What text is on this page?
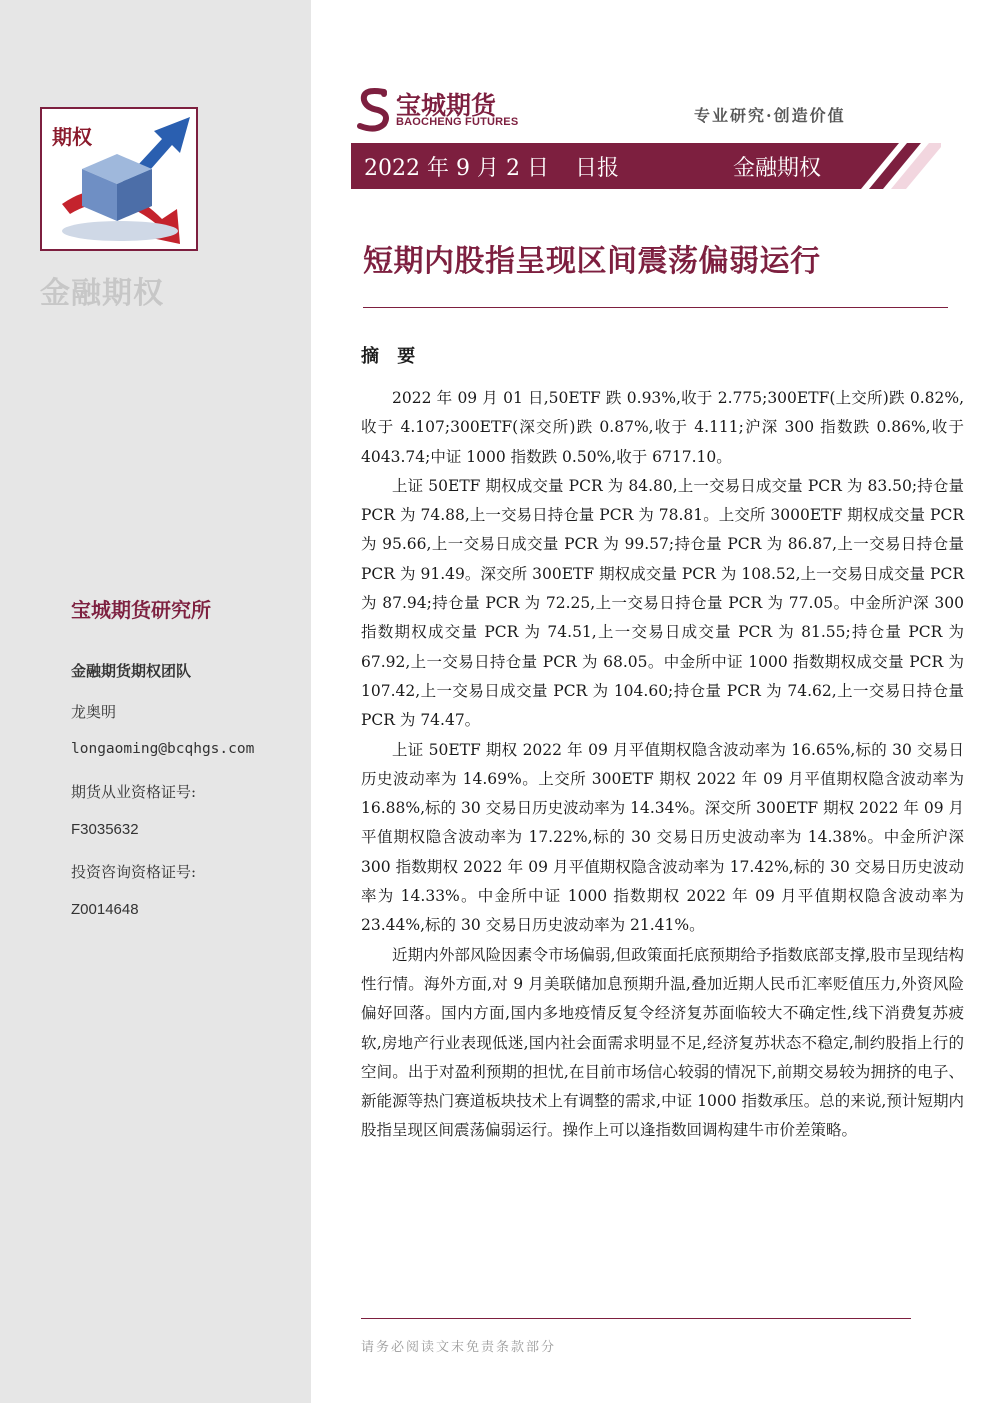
期权
金融期权
宝城期货研究所
金融期货期权团队
龙奥明
longaoming@bcqhgs.com
期货从业资格证号:
F3035632
投资咨询资格证号:
Z0014648
宝城期货
BAOCHENG FUTURES	专业研究·创造价值
2022 年 9 月 2 日 日报	金融期权
短期内股指呈现区间震荡偏弱运行
摘 要

2022 年 09 月 01 日,50ETF 跌 0.93%,收于 2.775;300ETF(上交所)跌 0.82%,收于 4.107;300ETF(深交所)跌 0.87%,收于 4.111;沪深 300 指数跌 0.86%,收于 4043.74;中证 1000 指数跌 0.50%,收于 6717.10。

上证 50ETF 期权成交量 PCR 为 84.80,上一交易日成交量 PCR 为 83.50;持仓量 PCR 为 74.88,上一交易日持仓量 PCR 为 78.81。上交所 3000ETF 期权成交量 PCR 为 95.66,上一交易日成交量 PCR 为 99.57;持仓量 PCR 为 86.87,上一交易日持仓量 PCR 为 91.49。深交所 300ETF 期权成交量 PCR 为 108.52,上一交易日成交量 PCR 为 87.94;持仓量 PCR 为 72.25,上一交易日持仓量 PCR 为 77.05。中金所沪深 300 指数期权成交量 PCR 为 74.51,上一交易日成交量 PCR 为 81.55;持仓量 PCR 为 67.92,上一交易日持仓量 PCR 为 68.05。中金所中证 1000 指数期权成交量 PCR 为 107.42,上一交易日成交量 PCR 为 104.60;持仓量 PCR 为 74.62,上一交易日持仓量 PCR 为 74.47。

上证 50ETF 期权 2022 年 09 月平值期权隐含波动率为 16.65%,标的 30 交易日历史波动率为 14.69%。上交所 300ETF 期权 2022 年 09 月平值期权隐含波动率为 16.88%,标的 30 交易日历史波动率为 14.34%。深交所 300ETF 期权 2022 年 09 月平值期权隐含波动率为 17.22%,标的 30 交易日历史波动率为 14.38%。中金所沪深 300 指数期权 2022 年 09 月平值期权隐含波动率为 17.42%,标的 30 交易日历史波动率为 14.33%。中金所中证 1000 指数期权 2022 年 09 月平值期权隐含波动率为 23.44%,标的 30 交易日历史波动率为 21.41%。

近期内外部风险因素令市场偏弱,但政策面托底预期给予指数底部支撑,股市呈现结构性行情。海外方面,对 9 月美联储加息预期升温,叠加近期人民币汇率贬值压力,外资风险偏好回落。国内方面,国内多地疫情反复令经济复苏面临较大不确定性,线下消费复苏疲软,房地产行业表现低迷,国内社会面需求明显不足,经济复苏状态不稳定,制约股指上行的空间。出于对盈利预期的担忧,在目前市场信心较弱的情况下,前期交易较为拥挤的电子、新能源等热门赛道板块技术上有调整的需求,中证 1000 指数承压。总的来说,预计短期内股指呈现区间震荡偏弱运行。操作上可以逢指数回调构建牛市价差策略。

请务必阅读文末免责条款部分
